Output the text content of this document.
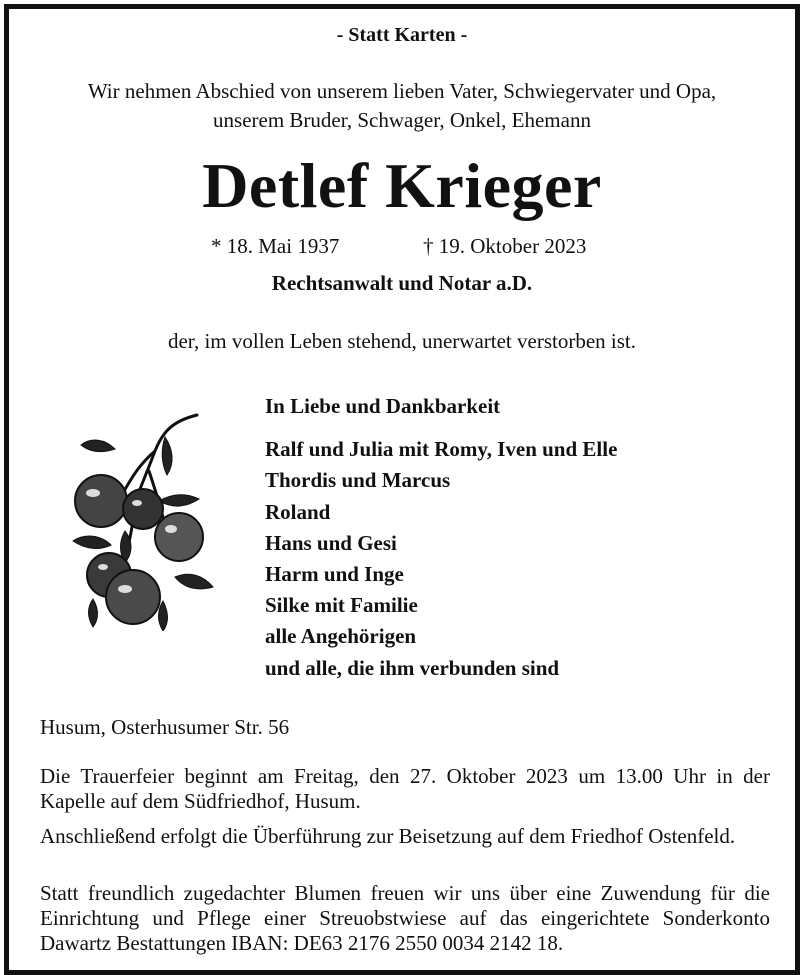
- Statt Karten -

Wir nehmen Abschied von unserem lieben Vater, Schwiegervater und Opa,
unserem Bruder, Schwager, Onkel, Ehemann
Detlef Krieger
* 18. Mai 1937	† 19. Oktober 2023
Rechtsanwalt und Notar a.D.
der, im vollen Leben stehend, unerwartet verstorben ist.
In Liebe und Dankbarkeit
Ralf und Julia mit Romy, Iven und Elle
Thordis und Marcus
Roland
Hans und Gesi
Harm und Inge
Silke mit Familie
alle Angehörigen
und alle, die ihm verbunden sind
Husum, Osterhusumer Str. 56

Die Trauerfeier beginnt am Freitag, den 27. Oktober 2023 um 13.00 Uhr in der Kapelle auf dem Südfriedhof, Husum.

Anschließend erfolgt die Überführung zur Beisetzung auf dem Friedhof Ostenfeld.

Statt freundlich zugedachter Blumen freuen wir uns über eine Zuwendung für die Einrichtung und Pflege einer Streuobstwiese auf das eingerichtete Sonderkonto Dawartz Bestattungen IBAN: DE63 2176 2550 0034 2142 18.
